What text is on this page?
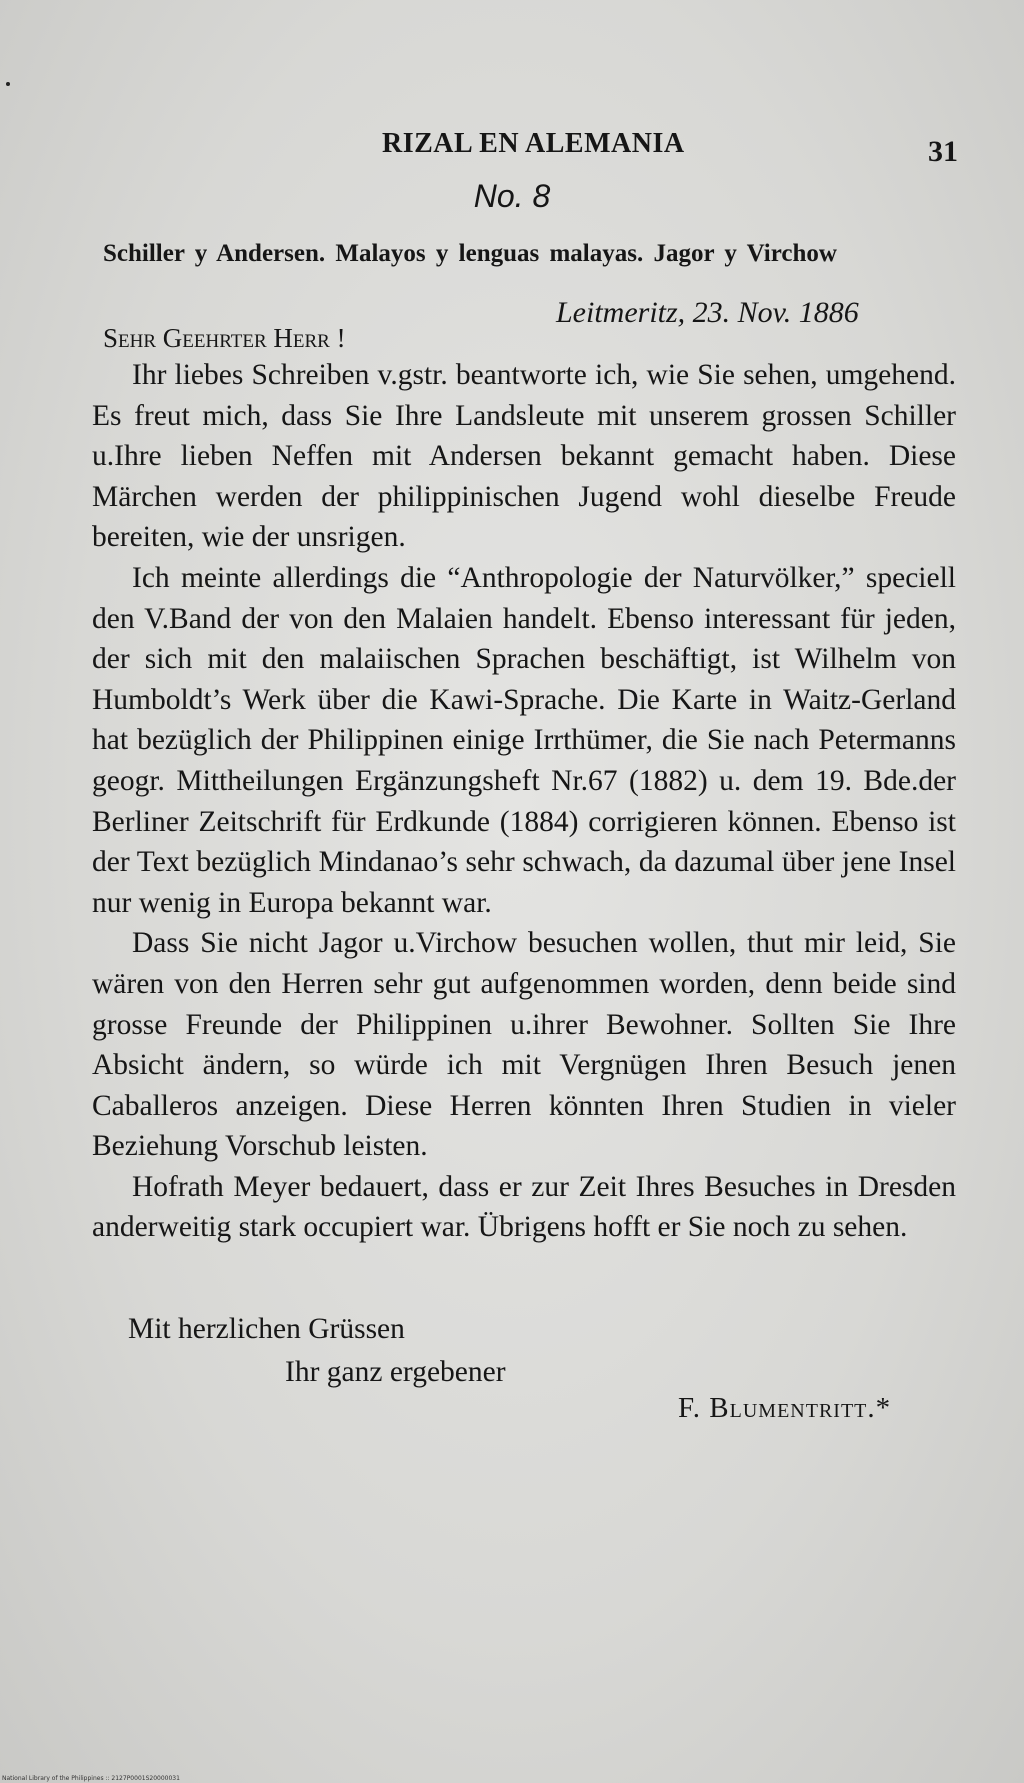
RIZAL EN ALEMANIA	31
No. 8
Schiller y Andersen. Malayos y lenguas malayas. Jagor y Virchow
Leitmeritz, 23. Nov. 1886
Sehr Geehrter Herr !

Ihr liebes Schreiben v.gstr. beantworte ich, wie Sie sehen, umgehend. Es freut mich, dass Sie Ihre Landsleute mit unserem grossen Schiller u.Ihre lieben Neffen mit Andersen bekannt gemacht haben. Diese Märchen werden der philippinischen Jugend wohl dieselbe Freude bereiten, wie der unsrigen.

Ich meinte allerdings die “Anthropologie der Naturvölker,” speciell den V.Band der von den Malaien handelt. Ebenso interessant für jeden, der sich mit den malaiischen Sprachen beschäftigt, ist Wilhelm von Humboldt’s Werk über die Kawi-Sprache. Die Karte in Waitz-Gerland hat bezüglich der Philippinen einige Irrthümer, die Sie nach Petermanns geogr. Mittheilungen Ergänzungsheft Nr.67 (1882) u. dem 19. Bde.der Berliner Zeitschrift für Erdkunde (1884) corrigieren können. Ebenso ist der Text bezüglich Mindanao’s sehr schwach, da dazumal über jene Insel nur wenig in Europa bekannt war.

Dass Sie nicht Jagor u.Virchow besuchen wollen, thut mir leid, Sie wären von den Herren sehr gut aufgenommen worden, denn beide sind grosse Freunde der Philippinen u.ihrer Bewohner. Sollten Sie Ihre Absicht ändern, so würde ich mit Vergnügen Ihren Besuch jenen Caballeros anzeigen. Diese Herren könnten Ihren Studien in vieler Beziehung Vorschub leisten.

Hofrath Meyer bedauert, dass er zur Zeit Ihres Besuches in Dresden anderweitig stark occupiert war. Übrigens hofft er Sie noch zu sehen.

Mit herzlichen Grüssen
Ihr ganz ergebener
F. Blumentritt.*
National Library of the Philippines :: 2127P0001S20000031
